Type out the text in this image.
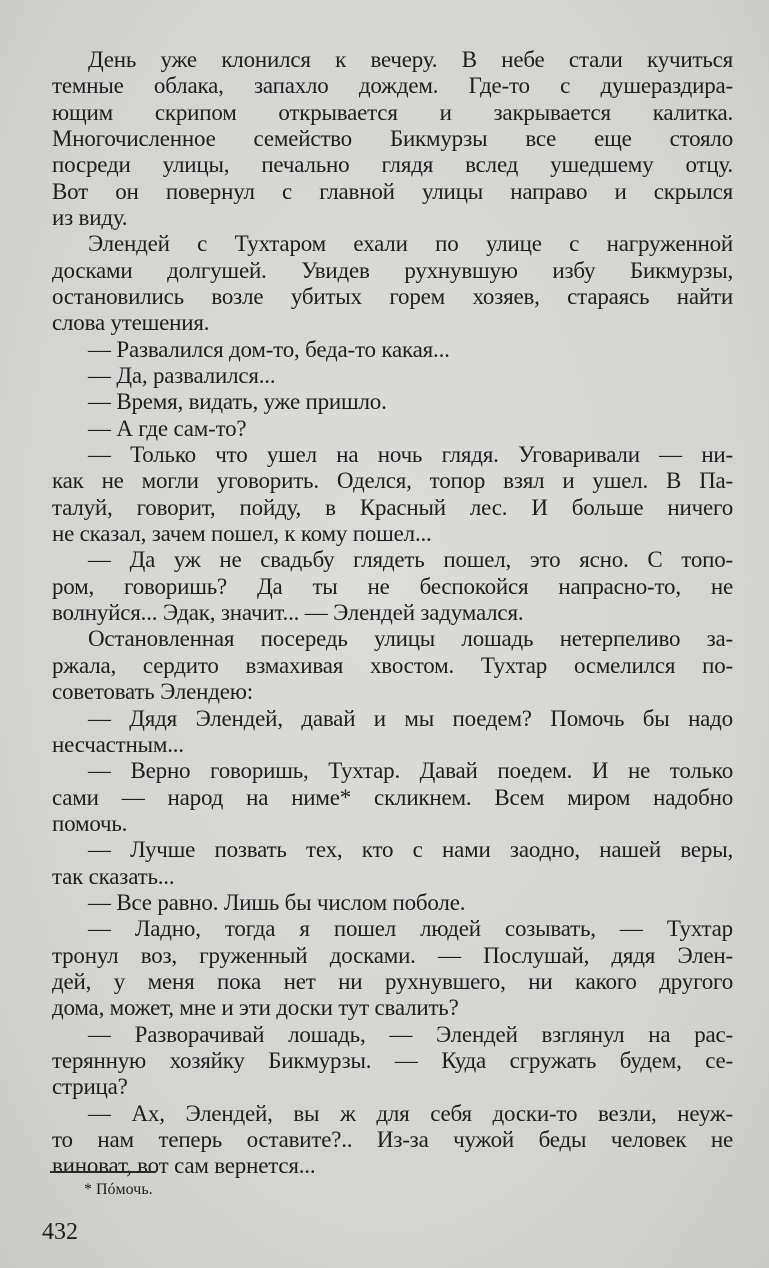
День уже клонился к вечеру. В небе стали кучиться
темные облака, запахло дождем. Где-то с душераздира-
ющим скрипом открывается и закрывается калитка.
Многочисленное семейство Бикмурзы все еще стояло
посреди улицы, печально глядя вслед ушедшему отцу.
Вот он повернул с главной улицы направо и скрылся
из виду.
Элендей с Тухтаром ехали по улице с нагруженной
досками долгушей. Увидев рухнувшую избу Бикмурзы,
остановились возле убитых горем хозяев, стараясь найти
слова утешения.
— Развалился дом-то, беда-то какая...
— Да, развалился...
— Время, видать, уже пришло.
— А где сам-то?
— Только что ушел на ночь глядя. Уговаривали — ни-
как не могли уговорить. Оделся, топор взял и ушел. В Па-
талуй, говорит, пойду, в Красный лес. И больше ничего
не сказал, зачем пошел, к кому пошел...
— Да уж не свадьбу глядеть пошел, это ясно. С топо-
ром, говоришь? Да ты не беспокойся напрасно-то, не
волнуйся... Эдак, значит... — Элендей задумался.
Остановленная посередь улицы лошадь нетерпеливо за-
ржала, сердито взмахивая хвостом. Тухтар осмелился по-
советовать Элендею:
— Дядя Элендей, давай и мы поедем? Помочь бы надо
несчастным...
— Верно говоришь, Тухтар. Давай поедем. И не только
сами — народ на ниме* скликнем. Всем миром надобно
помочь.
— Лучше позвать тех, кто с нами заодно, нашей веры,
так сказать...
— Все равно. Лишь бы числом поболе.
— Ладно, тогда я пошел людей созывать, — Тухтар
тронул воз, груженный досками. — Послушай, дядя Элен-
дей, у меня пока нет ни рухнувшего, ни какого другого
дома, может, мне и эти доски тут свалить?
— Разворачивай лошадь, — Элендей взглянул на рас-
терянную хозяйку Бикмурзы. — Куда сгружать будем, се-
стрица?
— Ах, Элендей, вы ж для себя доски-то везли, неуж-
то нам теперь оставите?.. Из-за чужой беды человек не
виноват, вот сам вернется...
* Пóмочь.
432
